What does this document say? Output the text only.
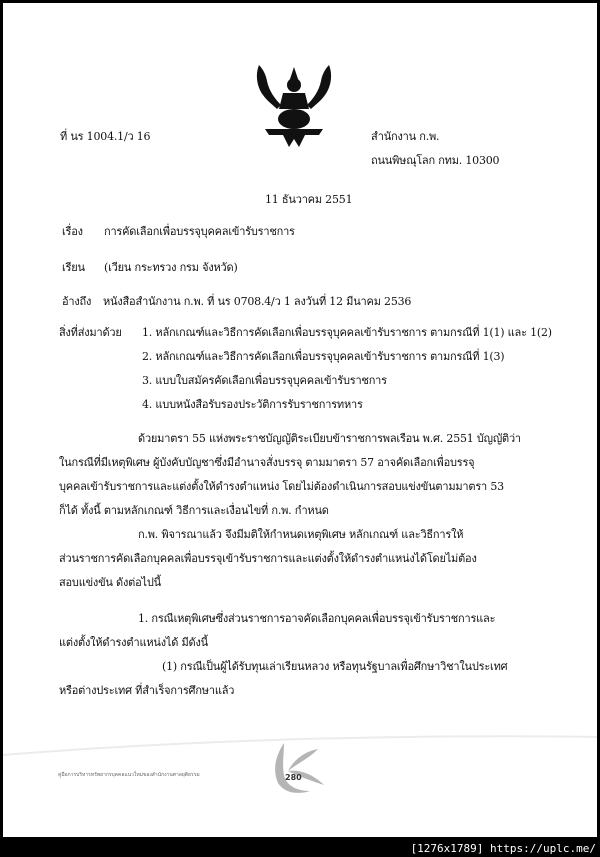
ที่ นร 1004.1/ว 16	สำนักงาน ก.พ.
ถนนพิษณุโลก กทม. 10300
11 ธันวาคม 2551
เรื่อง การคัดเลือกเพื่อบรรจุบุคคลเข้ารับราชการ
เรียน (เวียน กระทรวง กรม จังหวัด)
อ้างถึง หนังสือสำนักงาน ก.พ. ที่ นร 0708.4/ว 1 ลงวันที่ 12 มีนาคม 2536
สิ่งที่ส่งมาด้วย 1. หลักเกณฑ์และวิธีการคัดเลือกเพื่อบรรจุบุคคลเข้ารับราชการ ตามกรณีที่ 1(1) และ 1(2)
2. หลักเกณฑ์และวิธีการคัดเลือกเพื่อบรรจุบุคคลเข้ารับราชการ ตามกรณีที่ 1(3)
3. แบบใบสมัครคัดเลือกเพื่อบรรจุบุคคลเข้ารับราชการ
4. แบบหนังสือรับรองประวัติการรับราชการทหาร
ด้วยมาตรา 55 แห่งพระราชบัญญัติระเบียบข้าราชการพลเรือน พ.ศ. 2551 บัญญัติว่า
ในกรณีที่มีเหตุพิเศษ ผู้บังคับบัญชาซึ่งมีอำนาจสั่งบรรจุ ตามมาตรา 57 อาจคัดเลือกเพื่อบรรจุ
บุคคลเข้ารับราชการและแต่งตั้งให้ดำรงตำแหน่ง โดยไม่ต้องดำเนินการสอบแข่งขันตามมาตรา 53
ก็ได้ ทั้งนี้ ตามหลักเกณฑ์ วิธีการและเงื่อนไขที่ ก.พ. กำหนด
ก.พ. พิจารณาแล้ว จึงมีมติให้กำหนดเหตุพิเศษ หลักเกณฑ์ และวิธีการให้
ส่วนราชการคัดเลือกบุคคลเพื่อบรรจุเข้ารับราชการและแต่งตั้งให้ดำรงตำแหน่งได้โดยไม่ต้อง
สอบแข่งขัน ดังต่อไปนี้
1. กรณีเหตุพิเศษซึ่งส่วนราชการอาจคัดเลือกบุคคลเพื่อบรรจุเข้ารับราชการและ
แต่งตั้งให้ดำรงตำแหน่งได้ มีดังนี้
(1) กรณีเป็นผู้ได้รับทุนเล่าเรียนหลวง หรือทุนรัฐบาลเพื่อศึกษาวิชาในประเทศ
หรือต่างประเทศ ที่สำเร็จการศึกษาแล้ว
คู่มือการบริหารทรัพยากรบุคคลแนวใหม่ของสำนักงานศาลยุติธรรม	280
[1276x1789] https://uplc.me/
